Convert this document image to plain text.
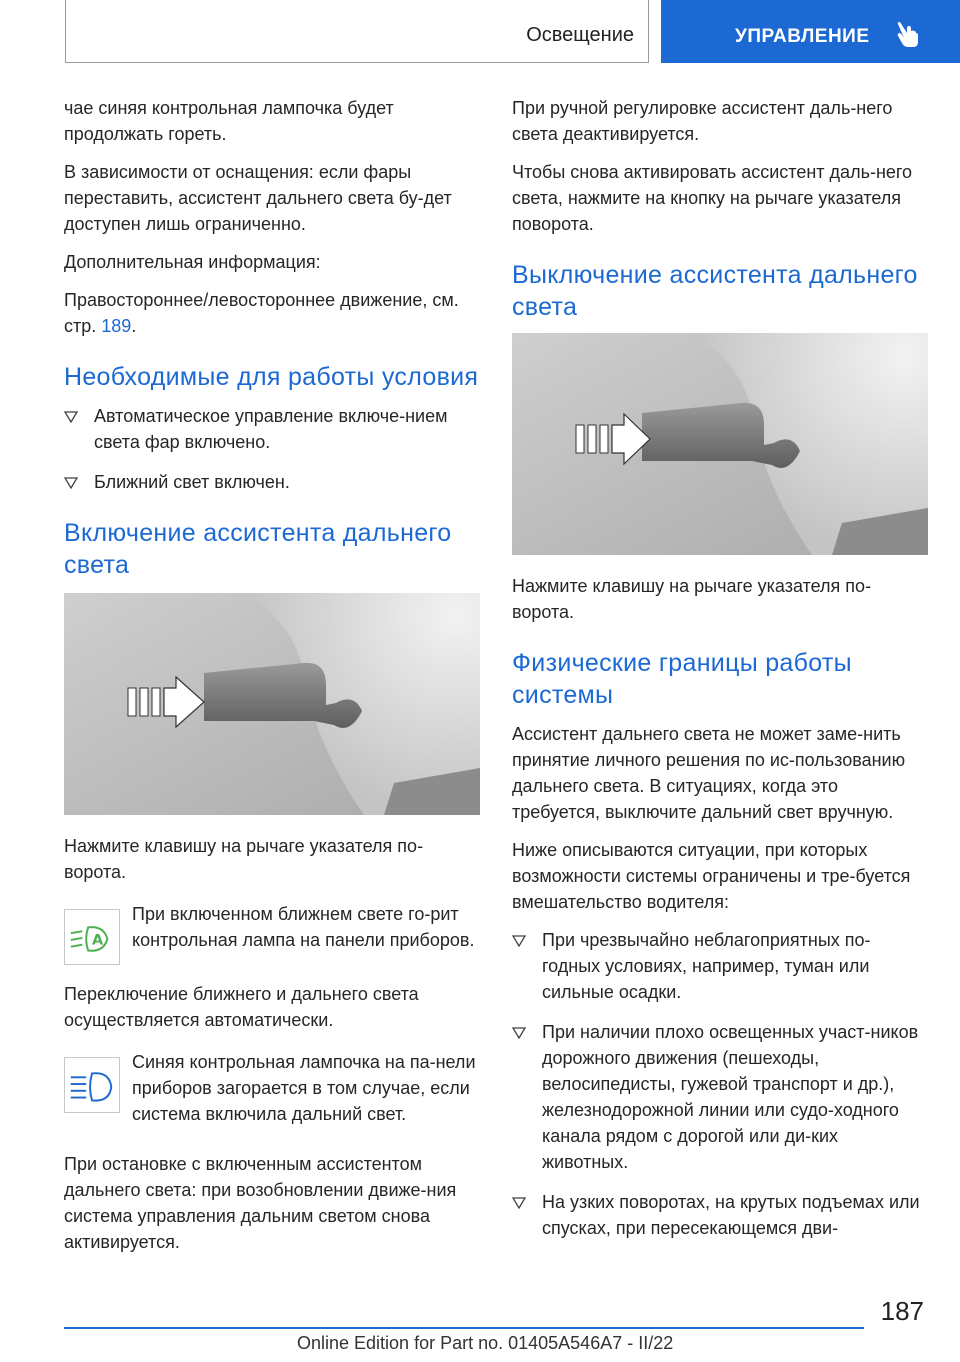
Освещение	УПРАВЛЕНИЕ

чае синяя контрольная лампочка будет продолжать гореть.

В зависимости от оснащения: если фары переставить, ассистент дальнего света бу-дет доступен лишь ограниченно.

Дополнительная информация:

Правостороннее/левостороннее движение, см. стр. 189.

Необходимые для работы условия
Автоматическое управление включе-нием света фар включено.
Ближний свет включен.
Включение ассистента дальнего света

Нажмите клавишу на рычаге указателя по-ворота.

A

При включенном ближнем свете го-рит контрольная лампа на панели приборов.

Переключение ближнего и дальнего света осуществляется автоматически.

Синяя контрольная лампочка на па-нели приборов загорается в том случае, если система включила дальний свет.

При остановке с включенным ассистентом дальнего света: при возобновлении движе-ния система управления дальним светом снова активируется.

При ручной регулировке ассистент даль-него света деактивируется.

Чтобы снова активировать ассистент даль-него света, нажмите на кнопку на рычаге указателя поворота.

Выключение ассистента дальнего света

Нажмите клавишу на рычаге указателя по-ворота.

Физические границы работы системы

Ассистент дальнего света не может заме-нить принятие личного решения по ис-пользованию дальнего света. В ситуациях, когда это требуется, выключите дальний свет вручную.

Ниже описываются ситуации, при которых возможности системы ограничены и тре-буется вмешательство водителя:

При чрезвычайно неблагоприятных по-годных условиях, например, туман или сильные осадки.
При наличии плохо освещенных участ-ников дорожного движения (пешеходы, велосипедисты, гужевой транспорт и др.), железнодорожной линии или судо-ходного канала рядом с дорогой или ди-ких животных.
На узких поворотах, на крутых подъемах или спусках, при пересекающемся дви-
187
Online Edition for Part no. 01405A546A7 - II/22
